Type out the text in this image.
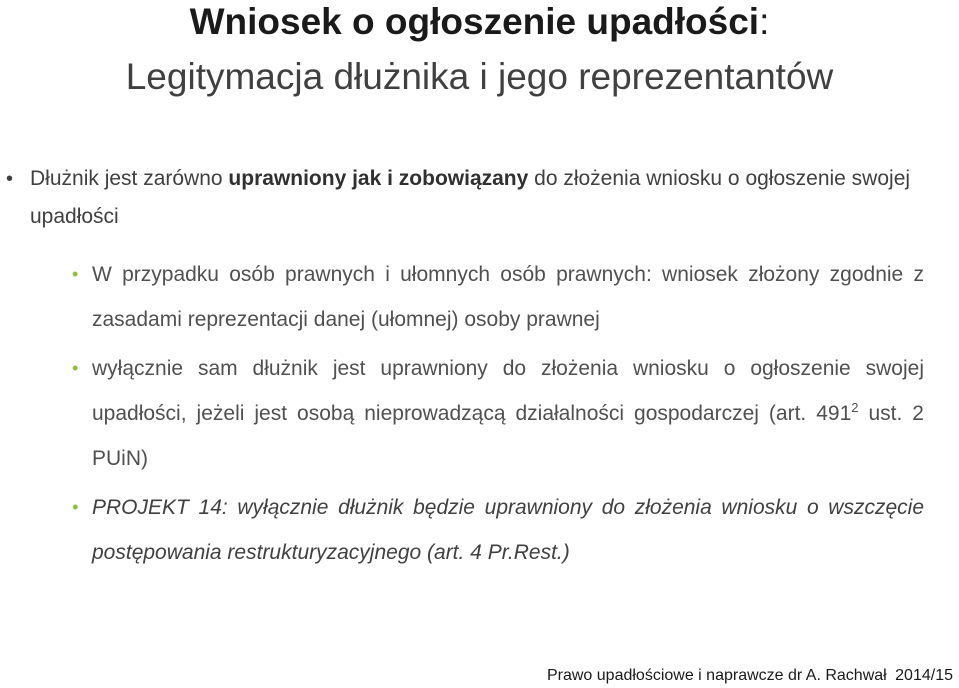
Wniosek o ogłoszenie upadłości:
Legitymacja dłużnika i jego reprezentantów
• Dłużnik jest zarówno uprawniony jak i zobowiązany do złożenia wniosku o ogłoszenie swojej upadłości
• W przypadku osób prawnych i ułomnych osób prawnych: wniosek złożony zgodnie z zasadami reprezentacji danej (ułomnej) osoby prawnej
• wyłącznie sam dłużnik jest uprawniony do złożenia wniosku o ogłoszenie swojej upadłości, jeżeli jest osobą nieprowadzącą działalności gospodarczej (art. $491^2$ ust. 2 PUiN)
• PROJEKT 14: wyłącznie dłużnik będzie uprawniony do złożenia wniosku o wszczęcie postępowania restrukturyzacyjnego (art. 4 Pr.Rest.)
Prawo upadłościowe i naprawcze dr A. Rachwał 2014/15
